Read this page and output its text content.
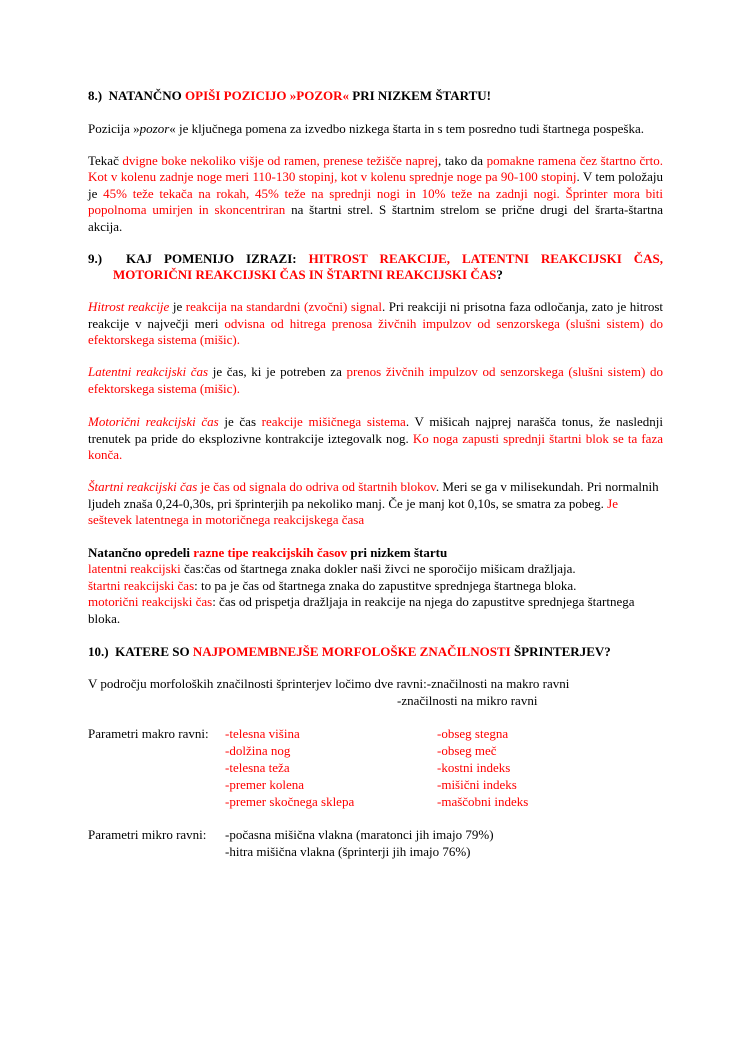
8.) NATANČNO OPIŠI POZICIJO »POZOR« PRI NIZKEM ŠTARTU!

Pozicija »pozor« je ključnega pomena za izvedbo nizkega štarta in s tem posredno tudi štartnega pospeška.

Tekač dvigne boke nekoliko višje od ramen, prenese težišče naprej, tako da pomakne ramena čez štartno črto. Kot v kolenu zadnje noge meri 110-130 stopinj, kot v kolenu sprednje noge pa 90-100 stopinj. V tem položaju je 45% teže tekača na rokah, 45% teže na sprednji nogi in 10% teže na zadnji nogi. Šprinter mora biti popolnoma umirjen in skoncentriran na štartni strel. S štartnim strelom se prične drugi del šrarta-štartna akcija.

9.) KAJ POMENIJO IZRAZI: HITROST REAKCIJE, LATENTNI REAKCIJSKI ČAS, MOTORIČNI REAKCIJSKI ČAS IN ŠTARTNI REAKCIJSKI ČAS?

Hitrost reakcije je reakcija na standardni (zvočni) signal. Pri reakciji ni prisotna faza odločanja, zato je hitrost reakcije v največji meri odvisna od hitrega prenosa živčnih impulzov od senzorskega (slušni sistem) do efektorskega sistema (mišic).

Latentni reakcijski čas je čas, ki je potreben za prenos živčnih impulzov od senzorskega (slušni sistem) do efektorskega sistema (mišic).

Motorični reakcijski čas je čas reakcije mišičnega sistema. V mišicah najprej narašča tonus, že naslednji trenutek pa pride do eksplozivne kontrakcije iztegovalk nog. Ko noga zapusti sprednji štartni blok se ta faza konča.

Štartni reakcijski čas je čas od signala do odriva od štartnih blokov. Meri se ga v milisekundah. Pri normalnih ljudeh znaša 0,24-0,30s, pri šprinterjih pa nekoliko manj. Če je manj kot 0,10s, se smatra za pobeg. Je seštevek latentnega in motoričnega reakcijskega časa

Natančno opredeli razne tipe reakcijskih časov pri nizkem štartu

latentni reakcijski čas:čas od štartnega znaka dokler naši živci ne sporočijo mišicam dražljaja.

štartni reakcijski čas: to pa je čas od štartnega znaka do zapustitve sprednjega štartnega bloka.

motorični reakcijski čas: čas od prispetja dražljaja in reakcije na njega do zapustitve sprednjega štartnega bloka.

10.) KATERE SO NAJPOMEMBNEJŠE MORFOLOŠKE ZNAČILNOSTI ŠPRINTERJEV?

V področju morfoloških značilnosti šprinterjev ločimo dve ravni:-značilnosti na makro ravni

-značilnosti na mikro ravni

Parametri makro ravni:	-telesna višina	-obseg stegna
-dolžina nog	-obseg meč
-telesna teža	-kostni indeks
-premer kolena	-mišični indeks
-premer skočnega sklepa	-maščobni indeks
Parametri mikro ravni:	-počasna mišična vlakna (maratonci jih imajo 79%)
-hitra mišična vlakna (šprinterji jih imajo 76%)
